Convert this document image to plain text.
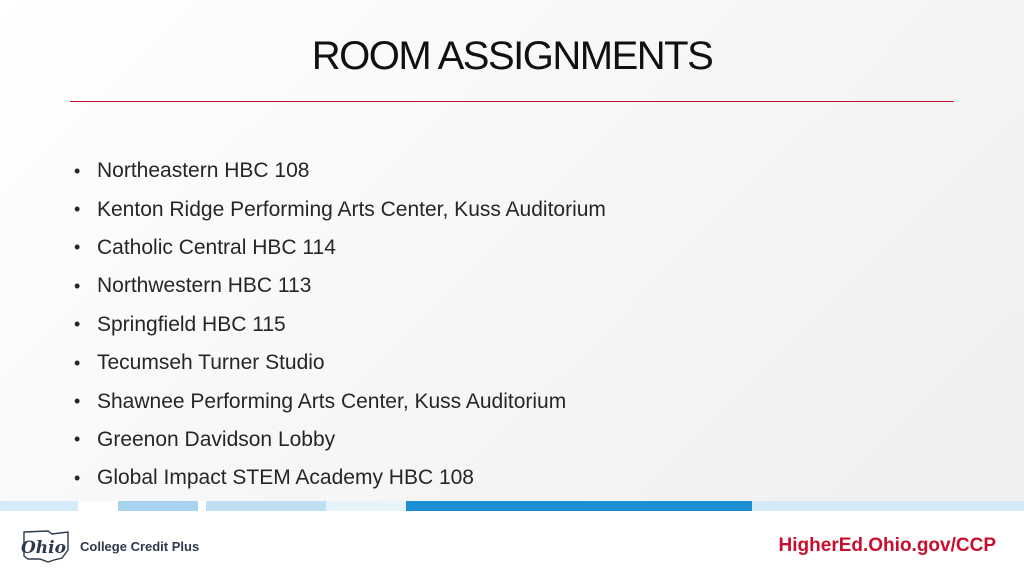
ROOM ASSIGNMENTS
• Northeastern HBC 108
• Kenton Ridge Performing Arts Center, Kuss Auditorium
• Catholic Central HBC 114
• Northwestern HBC 113
• Springfield HBC 115
• Tecumseh Turner Studio
• Shawnee Performing Arts Center, Kuss Auditorium
• Greenon Davidson Lobby
• Global Impact STEM Academy HBC 108
Ohio College Credit Plus	HigherEd.Ohio.gov/CCP
